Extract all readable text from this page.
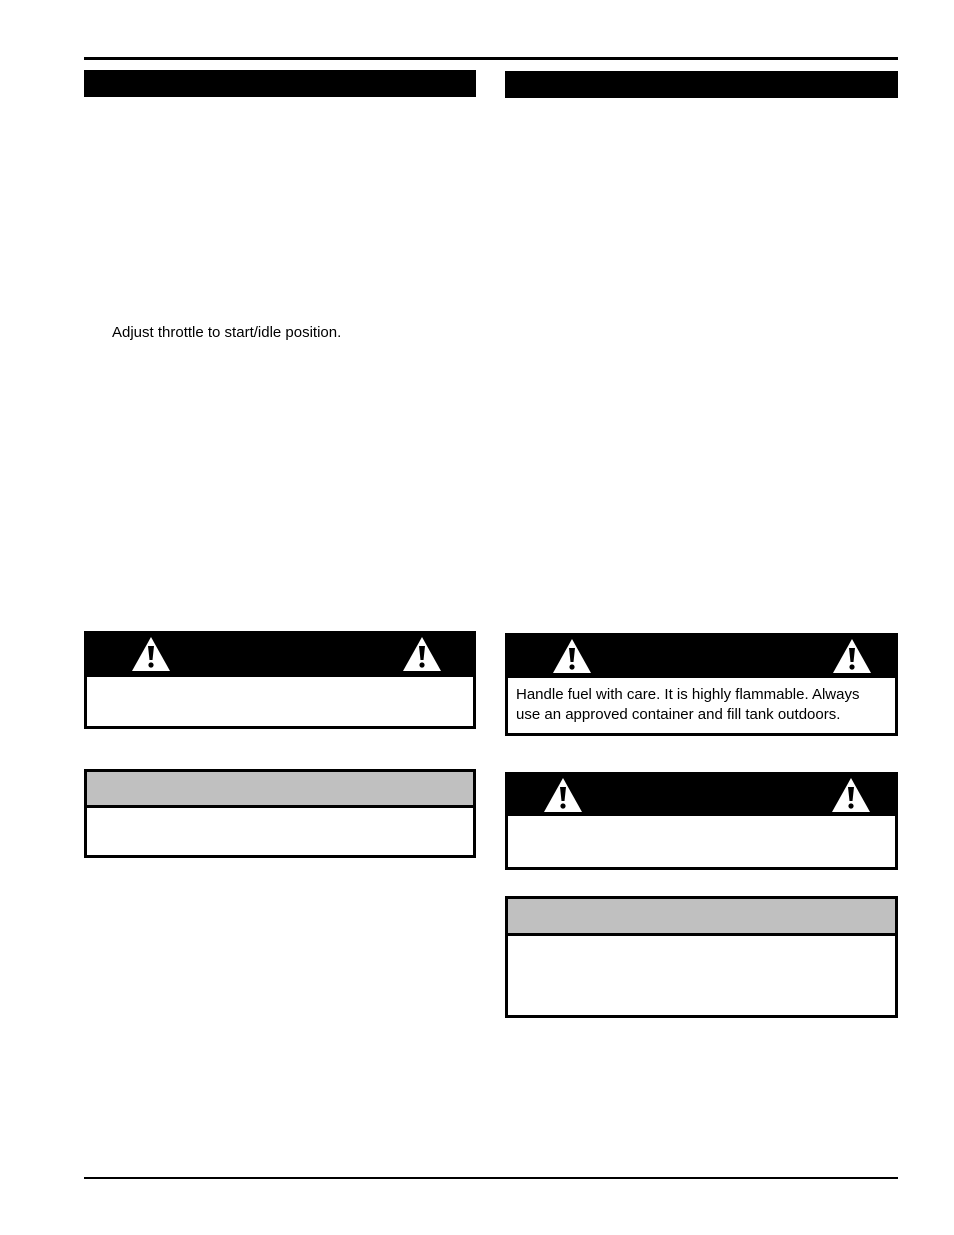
Adjust throttle to start/idle position.
Handle fuel with care. It is highly flammable. Always use an approved container and fill tank outdoors.
